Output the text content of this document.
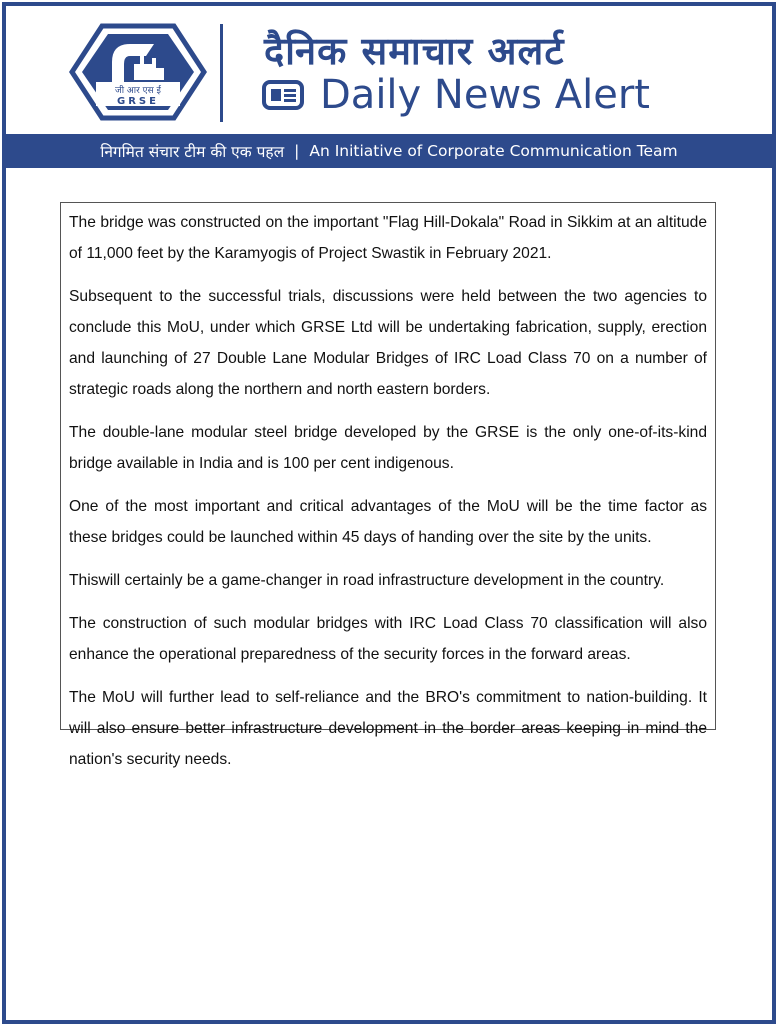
जी आर एस ई
GRSE
दैनिक समाचार अलर्ट
Daily News Alert
निगमित संचार टीम की एक पहल | An Initiative of Corporate Communication Team

The bridge was constructed on the important "Flag Hill-Dokala" Road in Sikkim at an altitude of 11,000 feet by the Karamyogis of Project Swastik in February 2021.

Subsequent to the successful trials, discussions were held between the two agencies to conclude this MoU, under which GRSE Ltd will be undertaking fabrication, supply, erection and launching of 27 Double Lane Modular Bridges of IRC Load Class 70 on a number of strategic roads along the northern and north eastern borders.

The double-lane modular steel bridge developed by the GRSE is the only one-of-its-kind bridge available in India and is 100 per cent indigenous.

One of the most important and critical advantages of the MoU will be the time factor as these bridges could be launched within 45 days of handing over the site by the units.

Thiswill certainly be a game-changer in road infrastructure development in the country.

The construction of such modular bridges with IRC Load Class 70 classification will also enhance the operational preparedness of the security forces in the forward areas.

The MoU will further lead to self-reliance and the BRO's commitment to nation-building. It will also ensure better infrastructure development in the border areas keeping in mind the nation's security needs.
